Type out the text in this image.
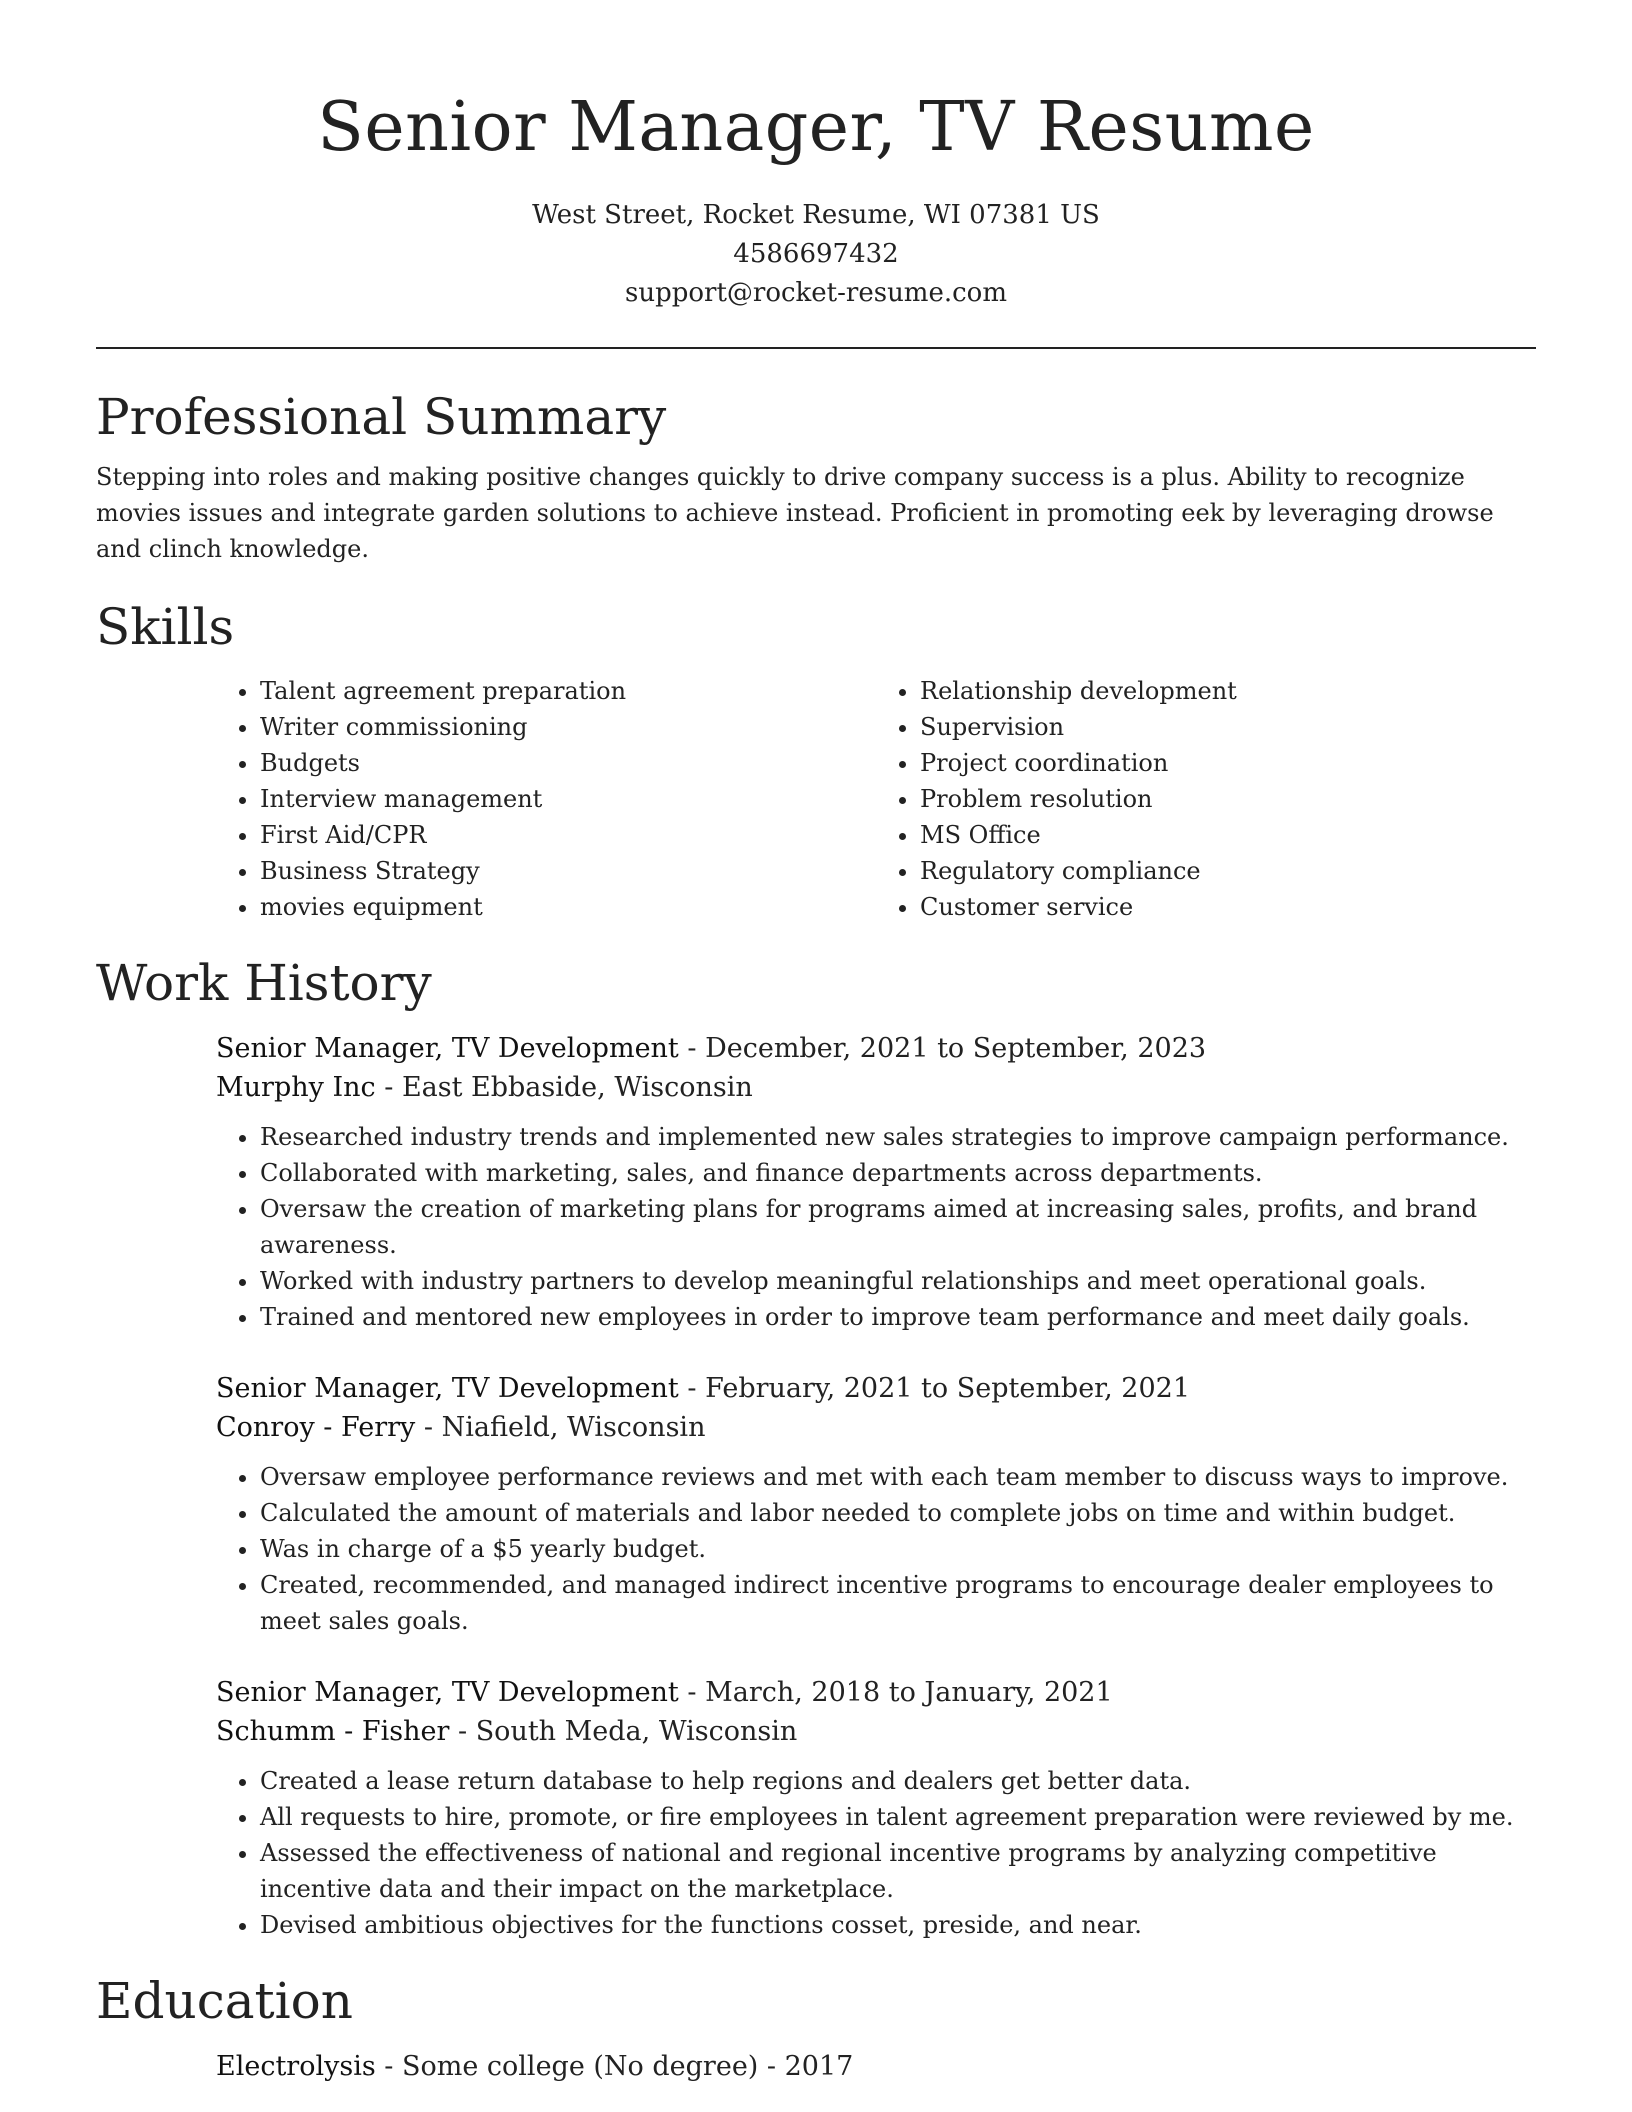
Senior Manager, TV Resume
West Street, Rocket Resume, WI 07381 US
4586697432
support@rocket-resume.com
Professional Summary

Stepping into roles and making positive changes quickly to drive company success is a plus. Ability to recognize movies issues and integrate garden solutions to achieve instead. Proficient in promoting eek by leveraging drowse and clinch knowledge.

Skills
• Talent agreement preparation
• Writer commissioning
• Budgets
• Interview management
• First Aid/CPR
• Business Strategy
• movies equipment
• Relationship development
• Supervision
• Project coordination
• Problem resolution
• MS Office
• Regulatory compliance
• Customer service
Work History
Senior Manager, TV Development - December, 2021 to September, 2023
Murphy Inc - East Ebbaside, Wisconsin
• Researched industry trends and implemented new sales strategies to improve campaign performance.
• Collaborated with marketing, sales, and finance departments across departments.
• Oversaw the creation of marketing plans for programs aimed at increasing sales, profits, and brand awareness.
• Worked with industry partners to develop meaningful relationships and meet operational goals.
• Trained and mentored new employees in order to improve team performance and meet daily goals.
Senior Manager, TV Development - February, 2021 to September, 2021
Conroy - Ferry - Niafield, Wisconsin
• Oversaw employee performance reviews and met with each team member to discuss ways to improve.
• Calculated the amount of materials and labor needed to complete jobs on time and within budget.
• Was in charge of a $5 yearly budget.
• Created, recommended, and managed indirect incentive programs to encourage dealer employees to meet sales goals.
Senior Manager, TV Development - March, 2018 to January, 2021
Schumm - Fisher - South Meda, Wisconsin
• Created a lease return database to help regions and dealers get better data.
• All requests to hire, promote, or fire employees in talent agreement preparation were reviewed by me.
• Assessed the effectiveness of national and regional incentive programs by analyzing competitive incentive data and their impact on the marketplace.
• Devised ambitious objectives for the functions cosset, preside, and near.
Education
Electrolysis - Some college (No degree) - 2017
